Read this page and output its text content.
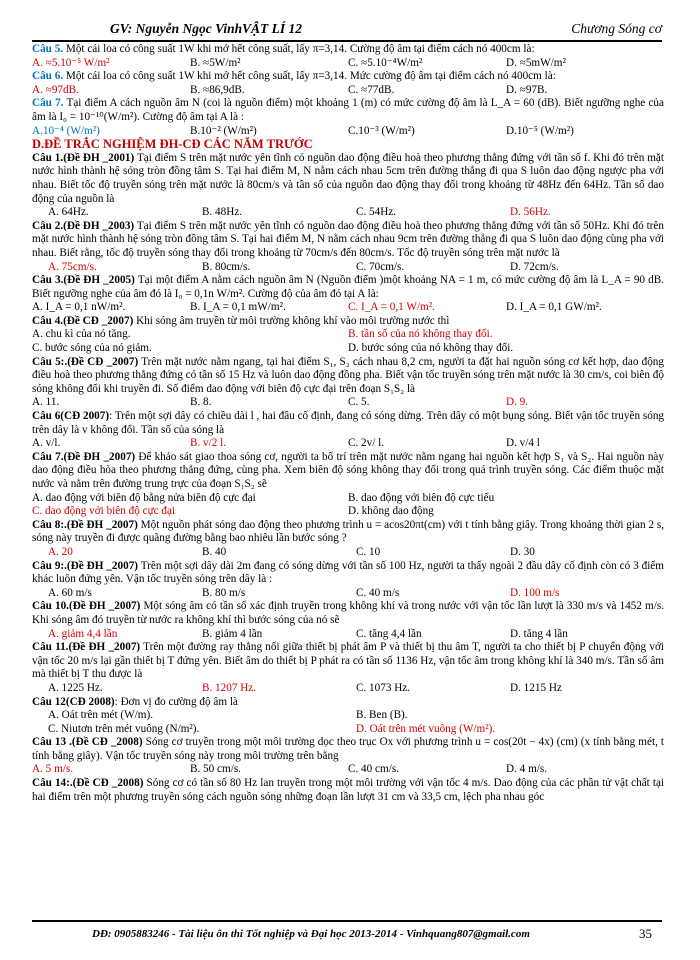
GV: Nguyễn Ngọc Vinh VẬT LÍ 12	Chương Sóng cơ
Câu 5. Một cái loa có công suất 1W khi mở hết công suất, lấy π=3,14. Cường độ âm tại điểm cách nó 400cm là:
A. ≈5.10⁻⁵ W/m²	B. ≈5W/m²	C. ≈5.10⁻⁴W/m²	D. ≈5mW/m²
Câu 6. Một cái loa có công suất 1W khi mở hết công suất, lấy π=3,14. Mức cường độ âm tại điểm cách nó 400cm là:
A. ≈97dB.	B. ≈86,9dB.	C. ≈77dB.	D. ≈97B.
Câu 7. Tại điểm A cách nguồn âm N (coi là nguồn điểm) một khoảng 1 (m) có mức cường độ âm là L_A = 60 (dB). Biết ngưỡng nghe của âm là I₀ = 10⁻¹⁰(W/m²). Cường độ âm tại A là :
A.10⁻⁴ (W/m²)	B.10⁻² (W/m²)	C.10⁻³ (W/m²)	D.10⁻⁵ (W/m²)
D.ĐỀ TRẮC NGHIỆM ĐH-CĐ CÁC NĂM TRƯỚC
Câu 1.(Đề ĐH _2001) Tại điểm S trên mặt nước yên tĩnh có nguồn dao động điều hoà theo phương thẳng đứng với tần số f. Khi đó trên mặt nước hình thành hệ sóng tròn đồng tâm S. Tại hai điểm M, N nằm cách nhau 5cm trên đường thẳng đi qua S luôn dao động ngược pha với nhau. Biết tốc độ truyền sóng trên mặt nước là 80cm/s và tần số của nguồn dao động thay đổi trong khoảng từ 48Hz đến 64Hz. Tần số dao động của nguồn là
A. 64Hz.	B. 48Hz.	C. 54Hz.	D. 56Hz.
Câu 2.(Đề ĐH _2003) Tại điểm S trên mặt nước yên tĩnh có nguồn dao động điều hoà theo phương thẳng đứng với tần số 50Hz. Khi đó trên mặt nước hình thành hệ sóng tròn đồng tâm S. Tại hai điểm M, N nằm cách nhau 9cm trên đường thẳng đi qua S luôn dao động cùng pha với nhau. Biết rằng, tốc độ truyền sóng thay đổi trong khoảng từ 70cm/s đến 80cm/s. Tốc độ truyền sóng trên mặt nước là
A. 75cm/s.	B. 80cm/s.	C. 70cm/s.	D. 72cm/s.
Câu 3.(Đề ĐH _2005) Tại một điểm A nằm cách nguồn âm N (Nguồn điểm )một khoảng NA = 1 m, có mức cường độ âm là L_A = 90 dB. Biết ngưỡng nghe của âm đó là I₀ = 0,1n W/m². Cường độ của âm đó tại A là:
A. I_A = 0,1 nW/m².	B. I_A = 0,1 mW/m².	C. I_A = 0,1 W/m².	D. I_A = 0,1 GW/m².
Câu 4.(Đề CĐ _2007) Khi sóng âm truyền từ môi trường không khí vào môi trường nước thì
A. chu kì của nó tăng.	B. tần số của nó không thay đổi.
C. bước sóng của nó giảm.	D. bước sóng của nó không thay đổi.
Câu 5:.(Đề CĐ _2007) Trên mặt nước nằm ngang, tại hai điểm S₁, S₂ cách nhau 8,2 cm, người ta đặt hai nguồn sóng cơ kết hợp, dao động điều hoà theo phương thẳng đứng có tần số 15 Hz và luôn dao động đồng pha. Biết vận tốc truyền sóng trên mặt nước là 30 cm/s, coi biên độ sóng không đổi khi truyền đi. Số điểm dao động với biên độ cực đại trên đoạn S₁S₂ là
A. 11.	B. 8.	C. 5.	D. 9.
Câu 6(CĐ 2007): Trên một sợi dây có chiều dài l , hai đầu cố định, đang có sóng dừng. Trên dây có một bụng sóng. Biết vận tốc truyền sóng trên dây là v không đổi. Tần số của sóng là
A. v/l.	B. v/2 l.	C. 2v/ l.	D. v/4 l
Câu 7.(Đề ĐH _2007) Để khảo sát giao thoa sóng cơ, người ta bố trí trên mặt nước nằm ngang hai nguồn kết hợp S₁ và S₂. Hai nguồn này dao động điều hòa theo phương thẳng đứng, cùng pha. Xem biên độ sóng không thay đổi trong quá trình truyền sóng. Các điểm thuộc mặt nước và nằm trên đường trung trực của đoạn S₁S₂ sẽ
A. dao động với biên độ bằng nửa biên độ cực đại	B. dao động với biên độ cực tiểu
C. dao động với biên độ cực đại	D. không dao động
Câu 8:.(Đề ĐH _2007) Một nguồn phát sóng dao động theo phương trình u = acos20πt(cm) với t tính bằng giây. Trong khoảng thời gian 2 s, sóng này truyền đi được quãng đường bằng bao nhiêu lần bước sóng ?
A. 20	B. 40	C. 10	D. 30
Câu 9:.(Đề ĐH _2007) Trên một sợi dây dài 2m đang có sóng dừng với tần số 100 Hz, người ta thấy ngoài 2 đầu dây cố định còn có 3 điểm khác luôn đứng yên. Vận tốc truyền sóng trên dây là :
A. 60 m/s	B. 80 m/s	C. 40 m/s	D. 100 m/s
Câu 10.(Đề ĐH _2007) Một sóng âm có tần số xác định truyền trong không khí và trong nước với vận tốc lần lượt là 330 m/s và 1452 m/s. Khi sóng âm đó truyền từ nước ra không khí thì bước sóng của nó sẽ
A. giảm 4,4 lần	B. giảm 4 lần	C. tăng 4,4 lần	D. tăng 4 lần
Câu 11.(Đề ĐH _2007) Trên một đường ray thẳng nối giữa thiết bị phát âm P và thiết bị thu âm T, người ta cho thiết bị P chuyển động với vận tốc 20 m/s lại gần thiết bị T đứng yên. Biết âm do thiết bị P phát ra có tần số 1136 Hz, vận tốc âm trong không khí là 340 m/s. Tần số âm mà thiết bị T thu được là
A. 1225 Hz.	B. 1207 Hz.	C. 1073 Hz.	D. 1215 Hz
Câu 12(CĐ 2008): Đơn vị đo cường độ âm là
A. Oát trên mét (W/m).	B. Ben (B).
C. Niutơn trên mét vuông (N/m²).	D. Oát trên mét vuông (W/m²).
Câu 13 .(Đề CĐ _2008) Sóng cơ truyền trong một môi trường dọc theo trục Ox với phương trình u = cos(20t − 4x) (cm) (x tính bằng mét, t tính bằng giây). Vận tốc truyền sóng này trong môi trường trên bằng
A. 5 m/s.	B. 50 cm/s.	C. 40 cm/s.	D. 4 m/s.
Câu 14:.(Đề CĐ _2008) Sóng cơ có tần số 80 Hz lan truyền trong một môi trường với vận tốc 4 m/s. Dao động của các phần tử vật chất tại hai điểm trên một phương truyền sóng cách nguồn sóng những đoạn lần lượt 31 cm và 33,5 cm, lệch pha nhau góc
DĐ: 0905883246 - Tài liệu ôn thi Tốt nghiệp và Đại học 2013-2014 - Vinhquang807@gmail.com	35
